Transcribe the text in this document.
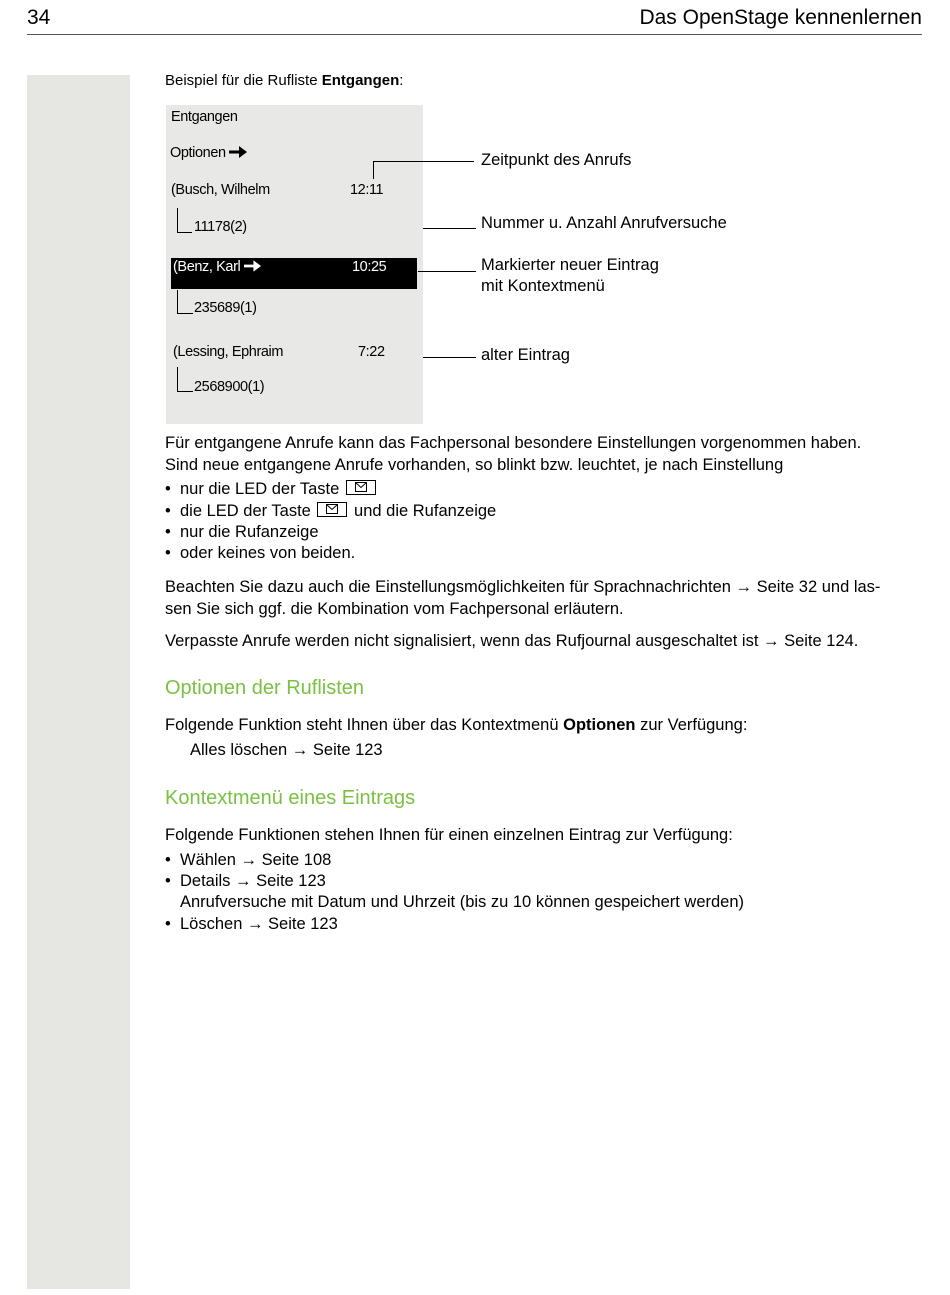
34	Das OpenStage kennenlernen
Beispiel für die Rufliste Entgangen:
Entgangen
Optionen
(Busch, Wilhelm	12:11
11178(2)
(Benz, Karl	10:25
235689(1)
(Lessing, Ephraim	7:22
2568900(1)
Zeitpunkt des Anrufs
Nummer u. Anzahl Anrufversuche
Markierter neuer Eintrag
mit Kontextmenü
alter Eintrag
Für entgangene Anrufe kann das Fachpersonal besondere Einstellungen vorgenommen haben.
Sind neue entgangene Anrufe vorhanden, so blinkt bzw. leuchtet, je nach Einstellung
• nur die LED der Taste
• die LED der Taste	und die Rufanzeige
• nur die Rufanzeige
• oder keines von beiden.
Beachten Sie dazu auch die Einstellungsmöglichkeiten für Sprachnachrichten → Seite 32 und las-
sen Sie sich ggf. die Kombination vom Fachpersonal erläutern.
Verpasste Anrufe werden nicht signalisiert, wenn das Rufjournal ausgeschaltet ist → Seite 124.
Optionen der Ruflisten
Folgende Funktion steht Ihnen über das Kontextmenü Optionen zur Verfügung:
Alles löschen → Seite 123
Kontextmenü eines Eintrags
Folgende Funktionen stehen Ihnen für einen einzelnen Eintrag zur Verfügung:
• Wählen → Seite 108
• Details → Seite 123
Anrufversuche mit Datum und Uhrzeit (bis zu 10 können gespeichert werden)
• Löschen → Seite 123
